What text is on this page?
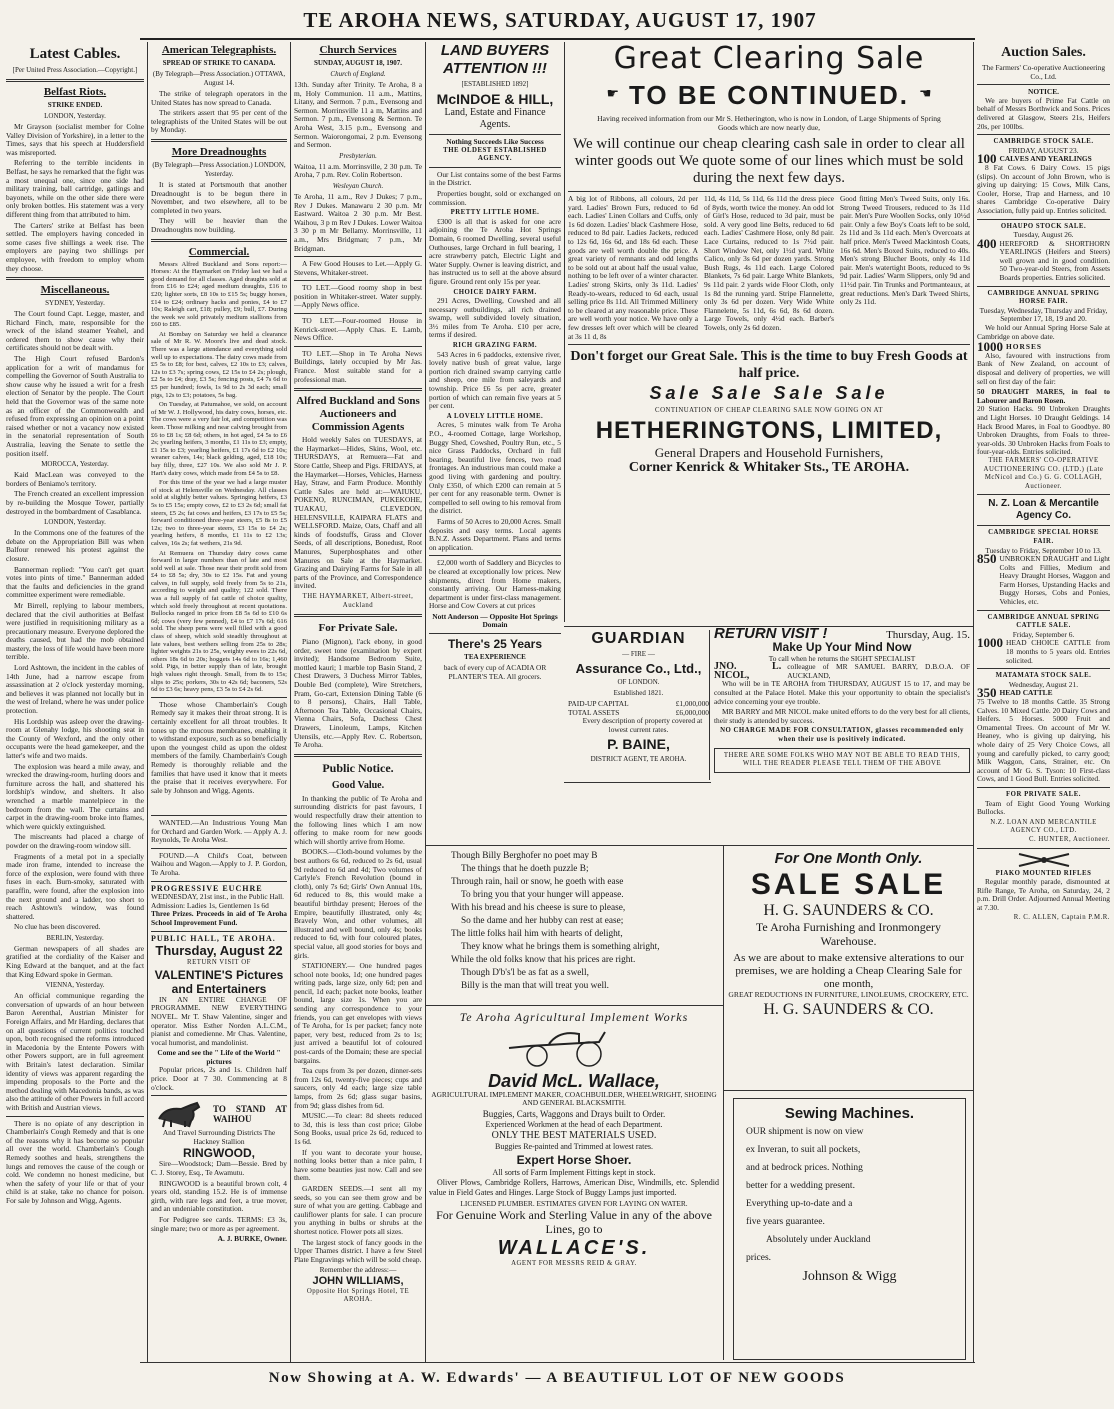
TE AROHA NEWS, SATURDAY, AUGUST 17, 1907
Latest Cables.
[Per United Press Association.—Copyright.]
Belfast Riots.
STRIKE ENDED.
LONDON, Yesterday.
Mr Grayson (socialist member for Colne Valley Division of Yorkshire), in a letter to the Times, says that his speech at Huddersfield was misreported.
Referring to the terrible incidents in Belfast, he says he remarked that the fight was a most unequal one, since one side had military training, ball cartridge, gatlings and bayonets, while on the other side there were only broken bottles. His statement was a very different thing from that attributed to him.
The Carters' strike at Belfast has been settled. The employers having conceded in some cases five shillings a week rise. The employers are paying two shillings per employee, with freedom to employ whom they choose.
Miscellaneous.
SYDNEY, Yesterday.
The Court found Capt. Legge, master, and Richard Finch, mate, responsible for the wreck of the island steamer Yeahel, and ordered them to show cause why their certificates should not be dealt with.
The High Court refused Bardon's application for a writ of mandamus for compelling the Governor of South Australia to show cause why he issued a writ for a fresh election of Senator by the people. The Court held that the Governor was of the same note as an officer of the Commonwealth and refused from expressing an opinion on a point raised whether or not a vacancy now existed in the senatorial representation of South Australia, leaving the Senate to settle the position itself.
MOROCCA, Yesterday.
Kaid MacLean was conveyed to the borders of Beniamo's territory.
The French created an excellent impression by re-building the Mosque Tower, partially destroyed in the bombardment of Casablanca.
LONDON, Yesterday.
In the Commons one of the features of the debate on the Appropriation Bill was when Balfour renewed his protest against the closure.
Bannerman replied: "You can't get quart votes into pints of time." Bannerman added that the faults and deficiencies in the grand committee experiment were remediable.
Mr Birrell, replying to labour members, declared that the civil authorities at Belfast were justified in requisitioning military as a precautionary measure. Everyone deplored the deaths caused, but had the mob obtained mastery, the loss of life would have been more terrible.
Lord Ashtown, the incident in the cables of 14th June, had a narrow escape from assassination at 2 o'clock yesterday morning, and believes it was planned not locally but in the west of Ireland, where he was under police protection.
His Lordship was asleep over the drawing-room at Glenahy lodge, his shooting seat in the County of Wexford, and the only other occupants were the head gamekeeper, and the latter's wife and two maids.
The explosion was heard a mile away, and wrecked the drawing-room, hurling doors and furniture across the hall, and shattered his lordship's window, and shelters. It also wrenched a marble mantelpiece in the bedroom from the wall. The curtains and carpet in the drawing-room broke into flames, which were quickly extinguished.
The miscreants had placed a charge of powder on the drawing-room window sill.
Fragments of a metal pot in a specially made iron frame, intended to increase the force of the explosion, were found with three fuses in each. Burn-smoky, saturated with paraffin, were found, after the explosion into the next ground and a ladder, too short to reach Ashtown's window, was found shattered.
No clue has been discovered.
BERLIN, Yesterday.
German newspapers of all shades are gratified at the cordiality of the Kaiser and King Edward at the banquet, and at the fact that King Edward spoke in German.
VIENNA, Yesterday.
An official communique regarding the conversation of upwards of an hour between Baron Aerenthal, Austrian Minister for Foreign Affairs, and Mr Harding, declares that on all questions of current politics touched upon, both recognised the reforms introduced in Macedonia by the Entente Powers with other Powers support, are in full agreement with Britain's latest declaration. Similar identity of views was apparent regarding the impending proposals to the Porte and the method dealing with Macedonia bands, as was also the attitude of other Powers in full accord with British and Austrian views.
There is no opiate of any description in Chamberlain's Cough Remedy and that is one of the reasons why it has become so popular all over the world. Chamberlain's Cough Remedy soothes and heals, strengthens the lungs and removes the cause of the cough or cold. We condemn no honest medicine, but when the safety of your life or that of your child is at stake, take no chance for poison. For sale by Johnson and Wigg, Agents.
American Telegraphists.
SPREAD OF STRIKE TO CANADA.
(By Telegraph—Press Association.) OTTAWA, August 14.
The strike of telegraph operators in the United States has now spread to Canada.
The strikers assert that 95 per cent of the telegraphists of the United States will be out by Monday.
More Dreadnoughts
(By Telegraph—Press Association.) LONDON, Yesterday.
It is stated at Portsmouth that another Dreadnought is to be begun there in November, and two elsewhere, all to be completed in two years.
They will be heavier than the Dreadnoughts now building.
Commercial.
Messrs Alfred Buckland and Sons report:—Horses: At the Haymarket on Friday last we had a good demand for all classes. Aged draughts sold at from £16 to £24; aged medium draughts, £16 to £20; lighter sorts, £8 10s to £15 5s; buggy horses, £14 to £24; ordinary hacks and ponies, £4 to £7 10s; Raleigh cart, £18; pulley, £9; bull, £7. During the week we sold privately medium stallions from £60 to £85.
At Bombay on Saturday we held a clearance sale of Mr R. W. Moore's live and dead stock. There was a large attendance and everything sold well up to expectations. The dairy cows made from £5 5s to £8; for best, calves, £2 10s to £3; calves, 12s to £3 7s; spring cows, £2 15s to £4 2s; plough, £2 5s to £4; dray, £3 5s; fencing posts, £4 7s 6d to £5 per hundred; fowls, 1s 9d to 2s 3d each; small pigs, 12s to £3; potatoes, 5s bag.
On Tuesday, at Patumahoe, we sold, on account of Mr W. J. Hollywood, his dairy cows, horses, etc. The cows were a very fair lot, and competition was keen. Those milking and near calving brought from £6 to £8 1s; £8 6d; others, in hot aged, £4 5s to £6 2s; yearling heifers, 3 months, £1 11s to £3; empty, £1 15s to £3; yearling heifers, £1 17s 6d to £2 10s; weaner calves, 14s; black gelding, aged, £18 10s; bay filly, three, £27 10s. We also sold Mr J. P. Hart's dairy cows, which made from £4 5s to £8.
For this time of the year we had a large muster of stock at Helensville on Wednesday. All classes sold at slightly better values. Springing heifers, £3 5s to £5 15s; empty cows, £2 to £3 2s 6d; small fat steers, £5 2s; fat cows and heifers, £3 17s to £5 5s; forward conditioned three-year steers, £5 8s to £5 12s; two to three-year steers, £3 15s to £4 2s; yearling heifers, 8 months, £1 11s to £2 13s; calves, 16s 2s; fat wethers, 21s 9d.
At Remuera on Thursday dairy cows came forward in larger numbers than of late and most sold well at sale. Those near their profit sold from £4 to £8 5s; dry, 30s to £2 15s. Fat and young calves, in full supply, sold freely from 5s to 21s, according to weight and quality; 122 sold. There was a full supply of fat cattle of choice quality, which sold freely throughout at recent quotations. Bullocks ranged in price from £8 5s 6d to £10 6s 6d; cows (very few penned), £4 to £7 17s 6d; 616 sold. The sheep pens were well filled with a good class of sheep, which sold steadily throughout at late values, best wethers selling from 25s to 28s; lighter weights 21s to 25s, weighty ewes to 22s 6d, others 18s 6d to 20s; hoggets 14s 6d to 16s; 1,460 sold. Pigs, in better supply than of late, brought high values right through. Small, from 8s to 15s; slips to 25s; porkers, 30s to 42s 6d; baconers, 52s 6d to £3 6s; heavy pens, £3 5s to £4 2s 6d.
Those whose Chamberlain's Cough Remedy say it makes their throat strong. It is certainly excellent for all throat troubles. It tones up the mucous membranes, enabling it to withstand exposure, such as so beneficially upon the youngest child as upon the oldest members of the family. Chamberlain's Cough Remedy is thoroughly reliable and the families that have used it know that it meets the praise that it receives everywhere. For sale by Johnson and Wigg, Agents.
WANTED.—An Industrious Young Man for Orchard and Garden Work. — Apply A. J. Reynolds, Te Aroha West.
FOUND.—A Child's Coat, between Waihou and Wagon.—Apply to J. P. Gordon, Te Aroha.
PROGRESSIVE EUCHRE
WEDNESDAY, 21st inst., in the Public Hall.
Admission: Ladies 1s, Gentlemen 1s 6d
Three Prizes. Proceeds in aid of Te Aroha School Improvement Fund.
PUBLIC HALL, TE AROHA.
Thursday, August 22
RETURN VISIT OF
VALENTINE'S Pictures and Entertainers
IN AN ENTIRE CHANGE OF PROGRAMME. NEW EVERYTHING NOVEL. Mr T. Shaw Valentine, singer and operator. Miss Esther Norden A.L.C.M., pianist and comedienne. Mr Chas. Valentine, vocal humorist, and mandolinist.
Come and see the " Life of the World " pictures
Popular prices, 2s and 1s. Children half price. Door at 7 30. Commencing at 8 o'clock.
TO STAND AT WAIHOU
And Travel Surrounding Districts The Hackney Stallion
RINGWOOD,
Sire—Woodstock; Dam—Bessie. Bred by C. J. Storey, Esq., Te Awamutu.
RINGWOOD is a beautiful brown colt, 4 years old, standing 15.2. He is of immense girth, with rare legs and feet, a true mover, and an undeniable constitution.
For Pedigree see cards. TERMS: £3 3s, single mare; two or more as per agreement.
A. J. BURKE, Owner.
Church Services
SUNDAY, AUGUST 18, 1907.
Church of England.
13th. Sunday after Trinity. Te Aroha, 8 a m, Holy Communion. 11 a.m., Mattins, Litany, and Sermon. 7 p.m., Evensong and Sermon. Morrinsville 11 a m, Mattins and Sermon. 7 p.m., Evensong & Sermon. Te Aroha West, 3.15 p.m., Evensong and Sermon. Waiorongomai, 2 p.m. Evensong and Sermon.
Presbyterian.
Waitoa, 11 a.m. Morrinsville, 2 30 p.m. Te Aroha, 7 p.m. Rev. Colin Robertson.
Wesleyan Church.
Te Aroha, 11 a.m., Rev J Dukes; 7 p.m., Rev J Dukes. Manawaru 2 30 p.m. Mr Eastward. Waitoa 2 30 p.m. Mr Best. Waihou, 3 p m Rev J Dukes. Lower Waitoa 3 30 p m Mr Bellamy. Morrinsville, 11 a.m., Mrs Bridgman; 7 p.m., Mr Bridgman.
A Few Good Houses to Let.—Apply G. Stevens, Whitaker-street.
TO LET.—Good roomy shop in best position in Whitaker-street. Water supply.—Apply News office.
TO LET.—Four-roomed House in Kenrick-street.—Apply Chas. E. Lamb, News Office.
TO LET.—Shop in Te Aroha News Buildings, lately occupied by Mr Jas. France. Most suitable stand for a professional man.
Alfred Buckland and Sons Auctioneers and Commission Agents
Hold weekly Sales on TUESDAYS, at the Haymarket—Hides, Skins, Wool, etc. THURSDAYS, at Remuera—Fat and Store Cattle, Sheep and Pigs. FRIDAYS, at the Haymarket—Horses, Vehicles, Harness Hay, Straw, and Farm Produce. Monthly Cattle Sales are held at:—WAIUKU, POKENO, RUNCIMAN, PUKEKOHE, TUAKAU, CLEVEDON, HELENSVILLE, KAIPARA FLATS and WELLSFORD. Maize, Oats, Chaff and all kinds of foodstuffs, Grass and Clover Seeds, of all descriptions, Bonedust, Root Manures, Superphosphates and other Manures on Sale at the Haymarket. Grazing and Dairying Farms for Sale in all parts of the Province, and Correspondence invited.
THE HAYMARKET, Albert-street, Auckland
For Private Sale.
Piano (Mignon), l'ack ebony, in good order, sweet tone (examination by expert invited); Handsome Bedroom Suite, mottled kauri; 1 marble top Basin Stand, 2 Chest Drawers, 3 Duchess Mirror Tables, Double Bed (complete), Wire Stretchers, Pram, Go-cart, Extension Dining Table (6 to 8 persons), Chairs, Hall Table, Afternoon Tea Table, Occasional Chairs, Vienna Chairs, Sofa, Duchess Chest Drawers, Linoleum, Lamps, Kitchen Utensils, etc.—Apply Rev. C. Robertson, Te Aroha.
Public Notice.
Good Value.
In thanking the public of Te Aroha and surrounding districts for past favours, I would respectfully draw their attention to the following lines which I am now offering to make room for new goods which will shortly arrive from Home.
BOOKS.—Cloth-bound volumes by the best authors 6s 6d, reduced to 2s 6d, usual 9d reduced to 6d and 4d; Two volumes of Carlyle's French Revolution (bound in cloth), only 7s 6d; Girls' Own Annual 10s, 6d reduced to 8s, this would make a beautiful birthday present; Heroes of the Empire, beautifully illustrated, only 4s; Bravely Won, and other volumes, all illustrated and well bound, only 4s; books reduced to 6d, with four coloured plates, special value, all good stories for boys and girls.
STATIONERY.— One hundred pages school note books, 1d; one hundred pages writing pads, large size, only 6d; pen and pencil, 1d each; packet note books, leather bound, large size 1s. When you are sending any correspondence to your friends, you can get envelopes with views of Te Aroha, for 1s per packet; fancy note paper, very best, reduced from 2s to 1s; just arrived a beautiful lot of coloured post-cards of the Domain; these are special bargains.
Tea cups from 3s per dozen, dinner-sets from 12s 6d, twenty-five pieces; cups and saucers, only 4d each; large size table lamps, from 2s 6d; glass sugar basins, from 9d; glass dishes from 6d.
MUSIC.—To clear: 8d sheets reduced to 3d, this is less than cost price; Globe Song Books, usual price 2s 6d, reduced to 1s 6d.
If you want to decorate your house, nothing looks better than a nice palm, I have some beauties just now. Call and see them.
GARDEN SEEDS.—I sent all my seeds, so you can see them grow and be sure of what you are getting. Cabbage and cauliflower plants for sale. I can procure you anything in bulbs or shrubs at the shortest notice. Flower pots all sizes.
The largest stock of fancy goods in the Upper Thames district. I have a few Steel Plate Engravings which will be sold cheap.
Remember the address:—
JOHN WILLIAMS,
Opposite Hot Springs Hotel, TE AROHA.
LAND BUYERS ATTENTION !!!
[ESTABLISHED 1892]
McINDOE & HILL,
Land, Estate and Finance Agents.
Nothing Succeeds Like Success
THE OLDEST ESTABLISHED AGENCY.
Our List contains some of the best Farms in the District.
Properties bought, sold or exchanged on commission.
PRETTY LITTLE HOME.
£300 is all that is asked for one acre adjoining the Te Aroha Hot Springs Domain, 6 roomed Dwelling, several useful Outhouses, large Orchard in full bearing, 1 acre strawberry patch, Electric Light and Water Supply. Owner is leaving district, and has instructed us to sell at the above absurd figure. Ground rent only 15s per year.
CHOICE DAIRY FARM.
291 Acres, Dwelling, Cowshed and all necessary outbuildings, all rich drained swamp, well subdivided lovely situation, 3½ miles from Te Aroha. £10 per acre, terms if desired.
RICH GRAZING FARM.
543 Acres in 6 paddocks, extensive river, lovely native bush of great value, large portion rich drained swamp carrying cattle and sheep, one mile from saleyards and township. Price £6 5s per acre, greater portion of which can remain five years at 5 per cent.
A LOVELY LITTLE HOME.
Acres, 5 minutes walk from Te Aroha P.O., 4-roomed Cottage, large Workshop, Buggy Shed, Cowshed, Poultry Run, etc., 5 nice Grass Paddocks, Orchard in full bearing, beautiful live fences, two road frontages. An industrious man could make a good living with gardening and poultry. Only £350, of which £200 can remain at 5 per cent for any reasonable term. Owner is compelled to sell owing to his removal from the district.
Farms of 50 Acres to 20,000 Acres. Small deposits and easy terms. Local agents B.N.Z. Assets Department. Plans and terms on application.
£2,000 worth of Saddlery and Bicycles to be cleared at exceptionally low prices. New shipments, direct from Home makers, constantly arriving. Our Harness-making department is under first-class management. Horse and Cow Covers at cut prices
Nott Anderson — Opposite Hot Springs Domain
There's 25 Years
TEA EXPERIENCE
back of every cup of ACADIA OR PLANTER'S TEA. All grocers.
Great Clearing Sale
☛ TO BE CONTINUED. ☚
Having received information from our Mr S. Hetherington, who is now in London, of Large Shipments of Spring Goods which are now nearly due,
We will continue our cheap clearing cash sale in order to clear all winter goods out We quote some of our lines which must be sold during the next few days.
A big lot of Ribbons, all colours, 2d per yard. Ladies' Brown Furs, reduced to 6d each. Ladies' Linen Collars and Cuffs, only 1s 6d dozen. Ladies' black Cashmere Hose, reduced to 8d pair. Ladies Jackets, reduced to 12s 6d, 16s 6d, and 18s 6d each. These goods are well worth double the price. A great variety of remnants and odd lengths to be sold out at about half the usual value, nothing to be left over of a winter character. Ladies' strong Skirts, only 3s 11d. Ladies' Ready-to-wears, reduced to 6d each, usual selling price 8s 11d. All Trimmed Millinery to be cleared at any reasonable price. These are well worth your notice. We have only a few dresses left over which will be cleared at 3s 11 d, 8s
11d, 4s 11d, 5s 11d, 6s 11d the dress piece of 8yds, worth twice the money. An odd lot of Girl's Hose, reduced to 3d pair, must be sold. A very good line Belts, reduced to 6d each. Ladies' Cashmere Hose, only 8d pair. Lace Curtains, reduced to 1s 7½d pair. Short Window Net, only 1½d yard. White Calico, only 3s 6d per dozen yards. Strong Bush Rugs, 4s 11d each. Large Colored Blankets, 7s 6d pair. Large White Blankets, 9s 11d pair. 2 yards wide Floor Cloth, only 1s 8d the running yard. Stripe Flannelette, only 3s 6d per dozen. Very Wide White Flannelette, 5s 11d, 6s 6d, 8s 6d dozen. Large Towels, only 4½d each. Barber's Towels, only 2s 6d dozen.
Good fitting Men's Tweed Suits, only 16s. Strong Tweed Trousers, reduced to 3s 11d pair. Men's Pure Woollen Socks, only 10½d pair. Only a few Boy's Coats left to be sold, 2s 11d and 3s 11d each. Men's Overcoats at half price. Men's Tweed Mackintosh Coats, 16s 6d. Men's Boxed Suits, reduced to 40s. Men's strong Blucher Boots, only 4s 11d pair. Men's watertight Boots, reduced to 9s 9d pair. Ladies' Warm Slippers, only 9d and 11½d pair. Tin Trunks and Portmanteaux, at great reductions. Men's Dark Tweed Shirts, only 2s 11d.
Don't forget our Great Sale. This is the time to buy Fresh Goods at half price.
Sale Sale Sale Sale
CONTINUATION OF CHEAP CLEARING SALE NOW GOING ON AT
HETHERINGTONS, LIMITED,
General Drapers and Household Furnishers,
Corner Kenrick & Whitaker Sts., TE AROHA.
GUARDIAN
— FIRE —
Assurance Co., Ltd.,
OF LONDON.
Established 1821.
PAID-UP CAPITAL	£1,000,000
TOTAL ASSETS	£6,000,000
Every description of property covered at lowest current rates.
P. BAINE,
DISTRICT AGENT, TE AROHA.
RETURN VISIT !	Thursday, Aug. 15.
Make Up Your Mind Now
To call when he returns the SIGHT SPECIALIST
JNO. L. NICOL,
colleague of MR SAMUEL BARRY, D.B.O.A. OF AUCKLAND,
Who will be in TE AROHA from THURSDAY, AUGUST 15 to 17, and may be consulted at the Palace Hotel. Make this your opportunity to obtain the specialist's advice concerning your eye trouble.
MR BARRY and MR NICOL make united efforts to do the very best for all clients, their study is attended by success.
NO CHARGE MADE FOR CONSULTATION, glasses recommended only when their use is positively indicated.
THERE ARE SOME FOLKS WHO MAY NOT BE ABLE TO READ THIS, WILL THE READER PLEASE TELL THEM OF THE ABOVE
Though Billy Berghofer no poet may B
The things that he doeth puzzle B;
Through rain, hail or snow, he goeth with ease
To bring you that your hunger will appease.
With his bread and his cheese is sure to please,
So the dame and her hubby can rest at ease;
The little folks hail him with hearts of delight,
They know what he brings them is something alright,
While the old folks know that his prices are right.
Though D'b's'l be as fat as a swell,
Billy is the man that will treat you well.
Te Aroha Agricultural Implement Works
David McL. Wallace,
AGRICULTURAL IMPLEMENT MAKER, COACHBUILDER, WHEELWRIGHT, SHOEING AND GENERAL BLACKSMITH.
Buggies, Carts, Waggons and Drays built to Order.
Experienced Workmen at the head of each Department.
ONLY THE BEST MATERIALS USED.
Buggies Re-painted and Trimmed at lowest rates.
Expert Horse Shoer.
All sorts of Farm Implement Fittings kept in stock.
Oliver Plows, Cambridge Rollers, Harrows, American Disc, Windmills, etc. Splendid value in Field Gates and Hinges. Large Stock of Buggy Lamps just imported.
LICENSED PLUMBER. ESTIMATES GIVEN FOR LAYING ON WATER.
For Genuine Work and Sterling Value in any of the above Lines, go to
WALLACE'S.
AGENT FOR MESSRS REID & GRAY.
For One Month Only.
SALE SALE
H. G. SAUNDERS & CO.
Te Aroha Furnishing and Ironmongery Warehouse.
As we are about to make extensive alterations to our premises, we are holding a Cheap Clearing Sale for one month,
GREAT REDUCTIONS IN FURNITURE, LINOLEUMS, CROCKERY, ETC.
H. G. SAUNDERS & CO.
Sewing Machines.
OUR shipment is now on view
ex Inveran, to suit all pockets,
and at bedrock prices. Nothing
better for a wedding present.
Everything up-to-date and a
five years guarantee.
Absolutely under Auckland
prices.
Johnson & Wigg
Auction Sales.
The Farmers' Co-operative Auctioneering Co., Ltd.
NOTICE.
We are buyers of Prime Fat Cattle on behalf of Messrs Borthwick and Sons. Prices delivered at Glasgow, Steers 21s, Heifers 20s, per 100lbs.
CAMBRIDGE STOCK SALE.
FRIDAY, AUGUST 23.
100 CALVES AND YEARLINGS
8 Fat Cows. 6 Dairy Cows. 15 pigs (slips). On account of John Brown, who is giving up dairying: 15 Cows, Milk Cans, Cooler, Horse, Trap and Harness, and 10 shares Cambridge Co-operative Dairy Association, fully paid up. Entries solicited.
OHAUPO STOCK SALE.
Tuesday, August 26.
400 HEREFORD & SHORTHORN YEARLINGS (Heifers and Steers) well grown and in good condition. 50 Two-year-old Steers, from Assets Boards properties. Entries solicited.
CAMBRIDGE ANNUAL SPRING HORSE FAIR.
Tuesday, Wednesday, Thursday and Friday, September 17, 18, 19 and 20.
We hold our Annual Spring Horse Sale at Cambridge on above date.
1000 HORSES
Also, favoured with instructions from Bank of New Zealand, on account of disposal and delivery of properties, we will sell on first day of the fair:
50 DRAUGHT MARES, in foal to Labourer and Baron Rosen.
20 Station Hacks. 90 Unbroken Draughts and Light Horses. 10 Draught Geldings. 14 Hack Brood Mares, in Foal to Goodbye. 80 Unbroken Draughts, from Foals to three-year-olds. 30 Unbroken Hacks from Foals to four-year-olds. Entries solicited.
THE FARMERS' CO-OPERATIVE AUCTIONEERING CO. (LTD.) (Late McNicol and Co.) G. G. COLLAGH, Auctioneer.
N. Z. Loan & Mercantile Agency Co.
CAMBRIDGE SPECIAL HORSE FAIR.
Tuesday to Friday, September 10 to 13.
850 UNBROKEN DRAUGHT and Light Colts and Fillies, Medium and Heavy Draught Horses, Waggon and Farm Horses, Upstanding Hacks and Buggy Horses, Cobs and Ponies, Vehicles, etc.
CAMBRIDGE ANNUAL SPRING CATTLE SALE.
Friday, September 6.
1000 HEAD CHOICE CATTLE from 18 months to 5 years old. Entries solicited.
MATAMATA STOCK SALE.
Wednesday, August 21.
350 HEAD CATTLE
75 Twelve to 18 months Cattle. 35 Strong Calves. 10 Mixed Cattle. 20 Dairy Cows and Heifers. 5 Horses. 5000 Fruit and Ornamental Trees. On account of Mr W. Heaney, who is giving up dairying, his whole dairy of 25 Very Choice Cows, all young and carefully picked, to carry good; Milk Waggon, Cans, Strainer, etc. On account of Mr G. S. Tyson: 10 First-class Cows, and 1 Good Bull. Entries solicited.
FOR PRIVATE SALE.
Team of Eight Good Young Working Bullocks.
N.Z. LOAN AND MERCANTILE AGENCY CO., LTD.
C. HUNTER, Auctioneer.
PIAKO MOUNTED RIFLES
Regular monthly parade, dismounted at Rifle Range, Te Aroha, on Saturday, 24, 2 p.m. Drill Order. Adjourned Annual Meeting at 7.30.
R. C. ALLEN, Captain P.M.R.
Now Showing at A. W. Edwards' — A BEAUTIFUL LOT OF NEW GOODS
